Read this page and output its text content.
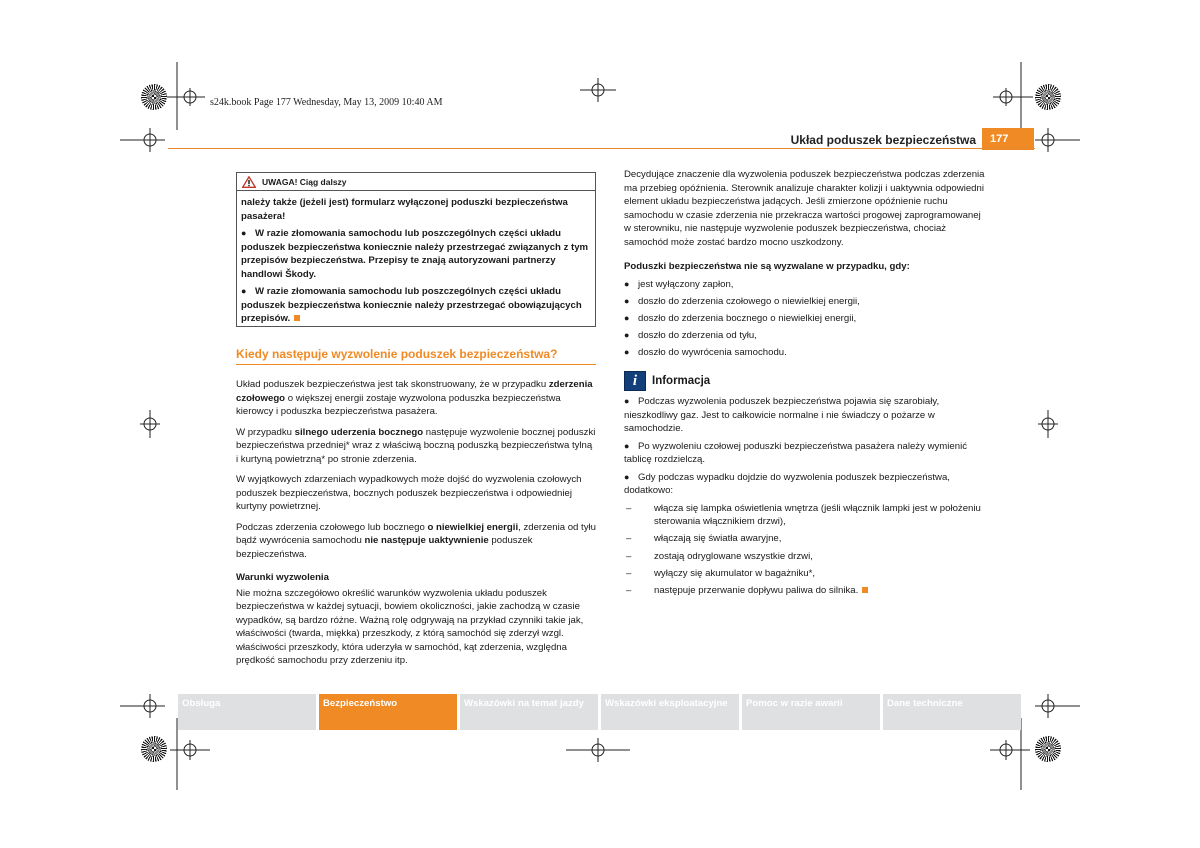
s24k.book Page 177 Wednesday, May 13, 2009 10:40 AM
Układ poduszek bezpieczeństwa	177
UWAGA! Ciąg dalszy

należy także (jeżeli jest) formularz wyłączonej poduszki bezpieczeństwa pasażera!

● W razie złomowania samochodu lub poszczególnych części układu poduszek bezpieczeństwa koniecznie należy przestrzegać związanych z tym przepisów bezpieczeństwa. Przepisy te znają autoryzowani partnerzy handlowi Škody.

● W razie złomowania samochodu lub poszczególnych części układu poduszek bezpieczeństwa koniecznie należy przestrzegać obowiązujących przepisów.

Kiedy następuje wyzwolenie poduszek bezpieczeństwa?

Układ poduszek bezpieczeństwa jest tak skonstruowany, że w przypadku zderzenia czołowego o większej energii zostaje wyzwolona poduszka bezpieczeństwa kierowcy i poduszka bezpieczeństwa pasażera.

W przypadku silnego uderzenia bocznego następuje wyzwolenie bocznej poduszki bezpieczeństwa przedniej* wraz z właściwą boczną poduszką bezpieczeństwa tylną i kurtyną powietrzną* po stronie zderzenia.

W wyjątkowych zdarzeniach wypadkowych może dojść do wyzwolenia czołowych poduszek bezpieczeństwa, bocznych poduszek bezpieczeństwa i odpowiedniej kurtyny powietrznej.

Podczas zderzenia czołowego lub bocznego o niewielkiej energii, zderzenia od tyłu bądź wywrócenia samochodu nie następuje uaktywnienie poduszek bezpieczeństwa.

Warunki wyzwolenia

Nie można szczegółowo określić warunków wyzwolenia układu poduszek bezpieczeństwa w każdej sytuacji, bowiem okoliczności, jakie zachodzą w czasie wypadków, są bardzo różne. Ważną rolę odgrywają na przykład czynniki takie jak, właściwości (twarda, miękka) przeszkody, z którą samochód się zderzył wzgl. właściwości przeszkody, która uderzyła w samochód, kąt zderzenia, względna prędkość samochodu przy zderzeniu itp.

Decydujące znaczenie dla wyzwolenia poduszek bezpieczeństwa podczas zderzenia ma przebieg opóźnienia. Sterownik analizuje charakter kolizji i uaktywnia odpowiedni element układu bezpieczeństwa jadących. Jeśli zmierzone opóźnienie ruchu samochodu w czasie zderzenia nie przekracza wartości progowej zaprogramowanej w sterowniku, nie następuje wyzwolenie poduszek bezpieczeństwa, chociaż samochód może zostać bardzo mocno uszkodzony.

Poduszki bezpieczeństwa nie są wyzwalane w przypadku, gdy:

● jest wyłączony zapłon,
● doszło do zderzenia czołowego o niewielkiej energii,
● doszło do zderzenia bocznego o niewielkiej energii,
● doszło do zderzenia od tyłu,
● doszło do wywrócenia samochodu.
i	Informacja

● Podczas wyzwolenia poduszek bezpieczeństwa pojawia się szarobiały, nieszkodliwy gaz. Jest to całkowicie normalne i nie świadczy o pożarze w samochodzie.

● Po wyzwoleniu czołowej poduszki bezpieczeństwa pasażera należy wymienić tablicę rozdzielczą.

● Gdy podczas wypadku dojdzie do wyzwolenia poduszek bezpieczeństwa, dodatkowo:

– włącza się lampka oświetlenia wnętrza (jeśli włącznik lampki jest w położeniu sterowania włącznikiem drzwi),
– włączają się światła awaryjne,
– zostają odryglowane wszystkie drzwi,
– wyłączy się akumulator w bagażniku*,
– następuje przerwanie dopływu paliwa do silnika.
Obsługa	Bezpieczeństwo	Wskazówki na temat jazdy	Wskazówki eksploatacyjne	Pomoc w razie awarii	Dane techniczne
